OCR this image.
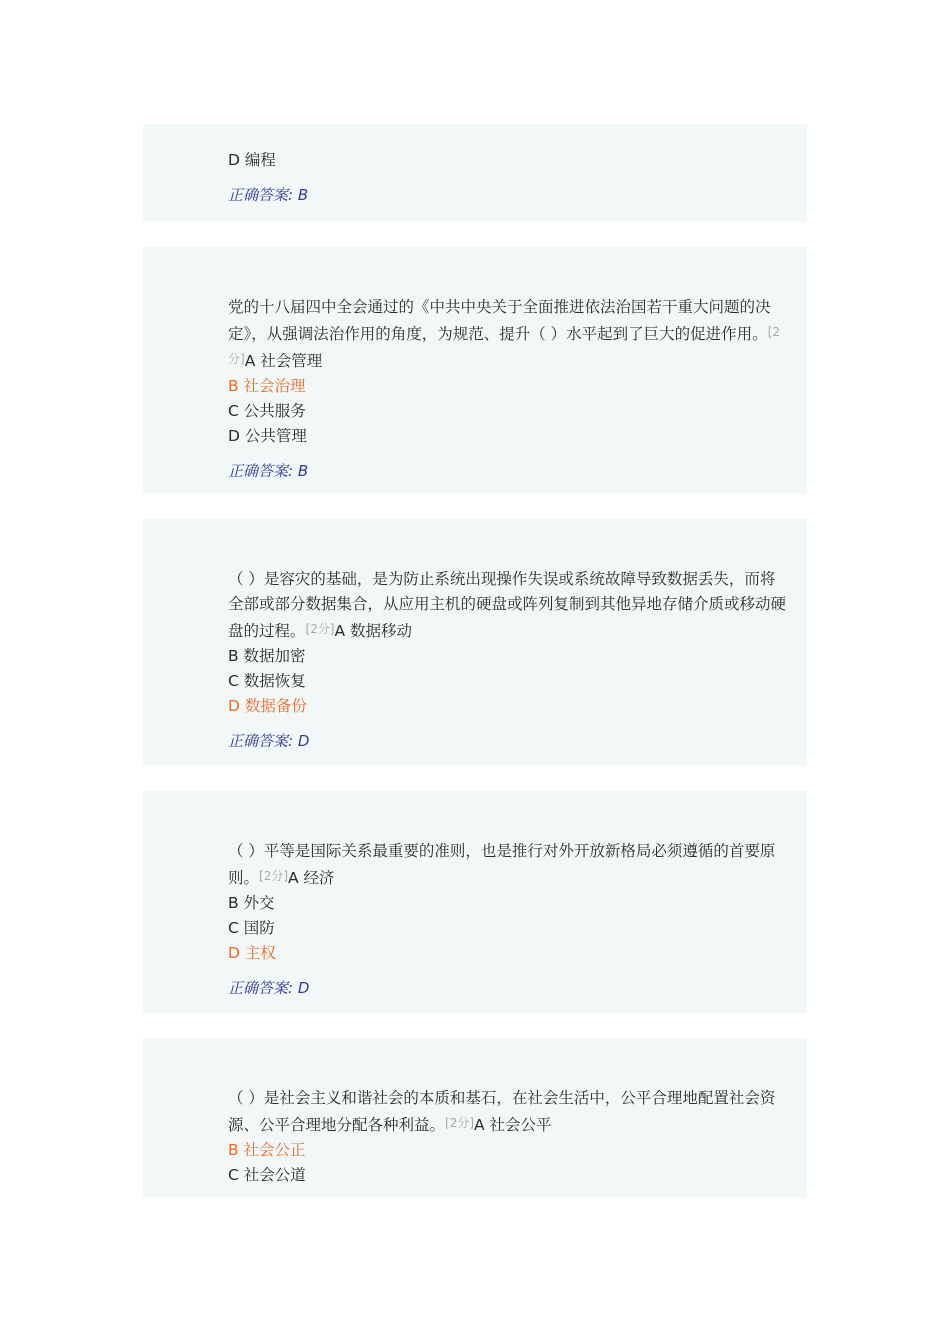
D 编程
正确答案: B
5

党的十八届四中全会通过的《中共中央关于全面推进依法治国若干重大问题的决定》，从强调法治作用的角度，为规范、提升（ ）水平起到了巨大的促进作用。[2分]A 社会管理

B 社会治理
C 公共服务
D 公共管理
正确答案: B
6

（ ）是容灾的基础，是为防止系统出现操作失误或系统故障导致数据丢失，而将全部或部分数据集合，从应用主机的硬盘或阵列复制到其他异地存储介质或移动硬盘的过程。[2分]A 数据移动

B 数据加密
C 数据恢复
D 数据备份
正确答案: D
7

（ ）平等是国际关系最重要的准则，也是推行对外开放新格局必须遵循的首要原则。[2分]A 经济

B 外交
C 国防
D 主权
正确答案: D
8

（ ）是社会主义和谐社会的本质和基石，在社会生活中，公平合理地配置社会资源、公平合理地分配各种利益。[2分]A 社会公平

B 社会公正
C 社会公道
